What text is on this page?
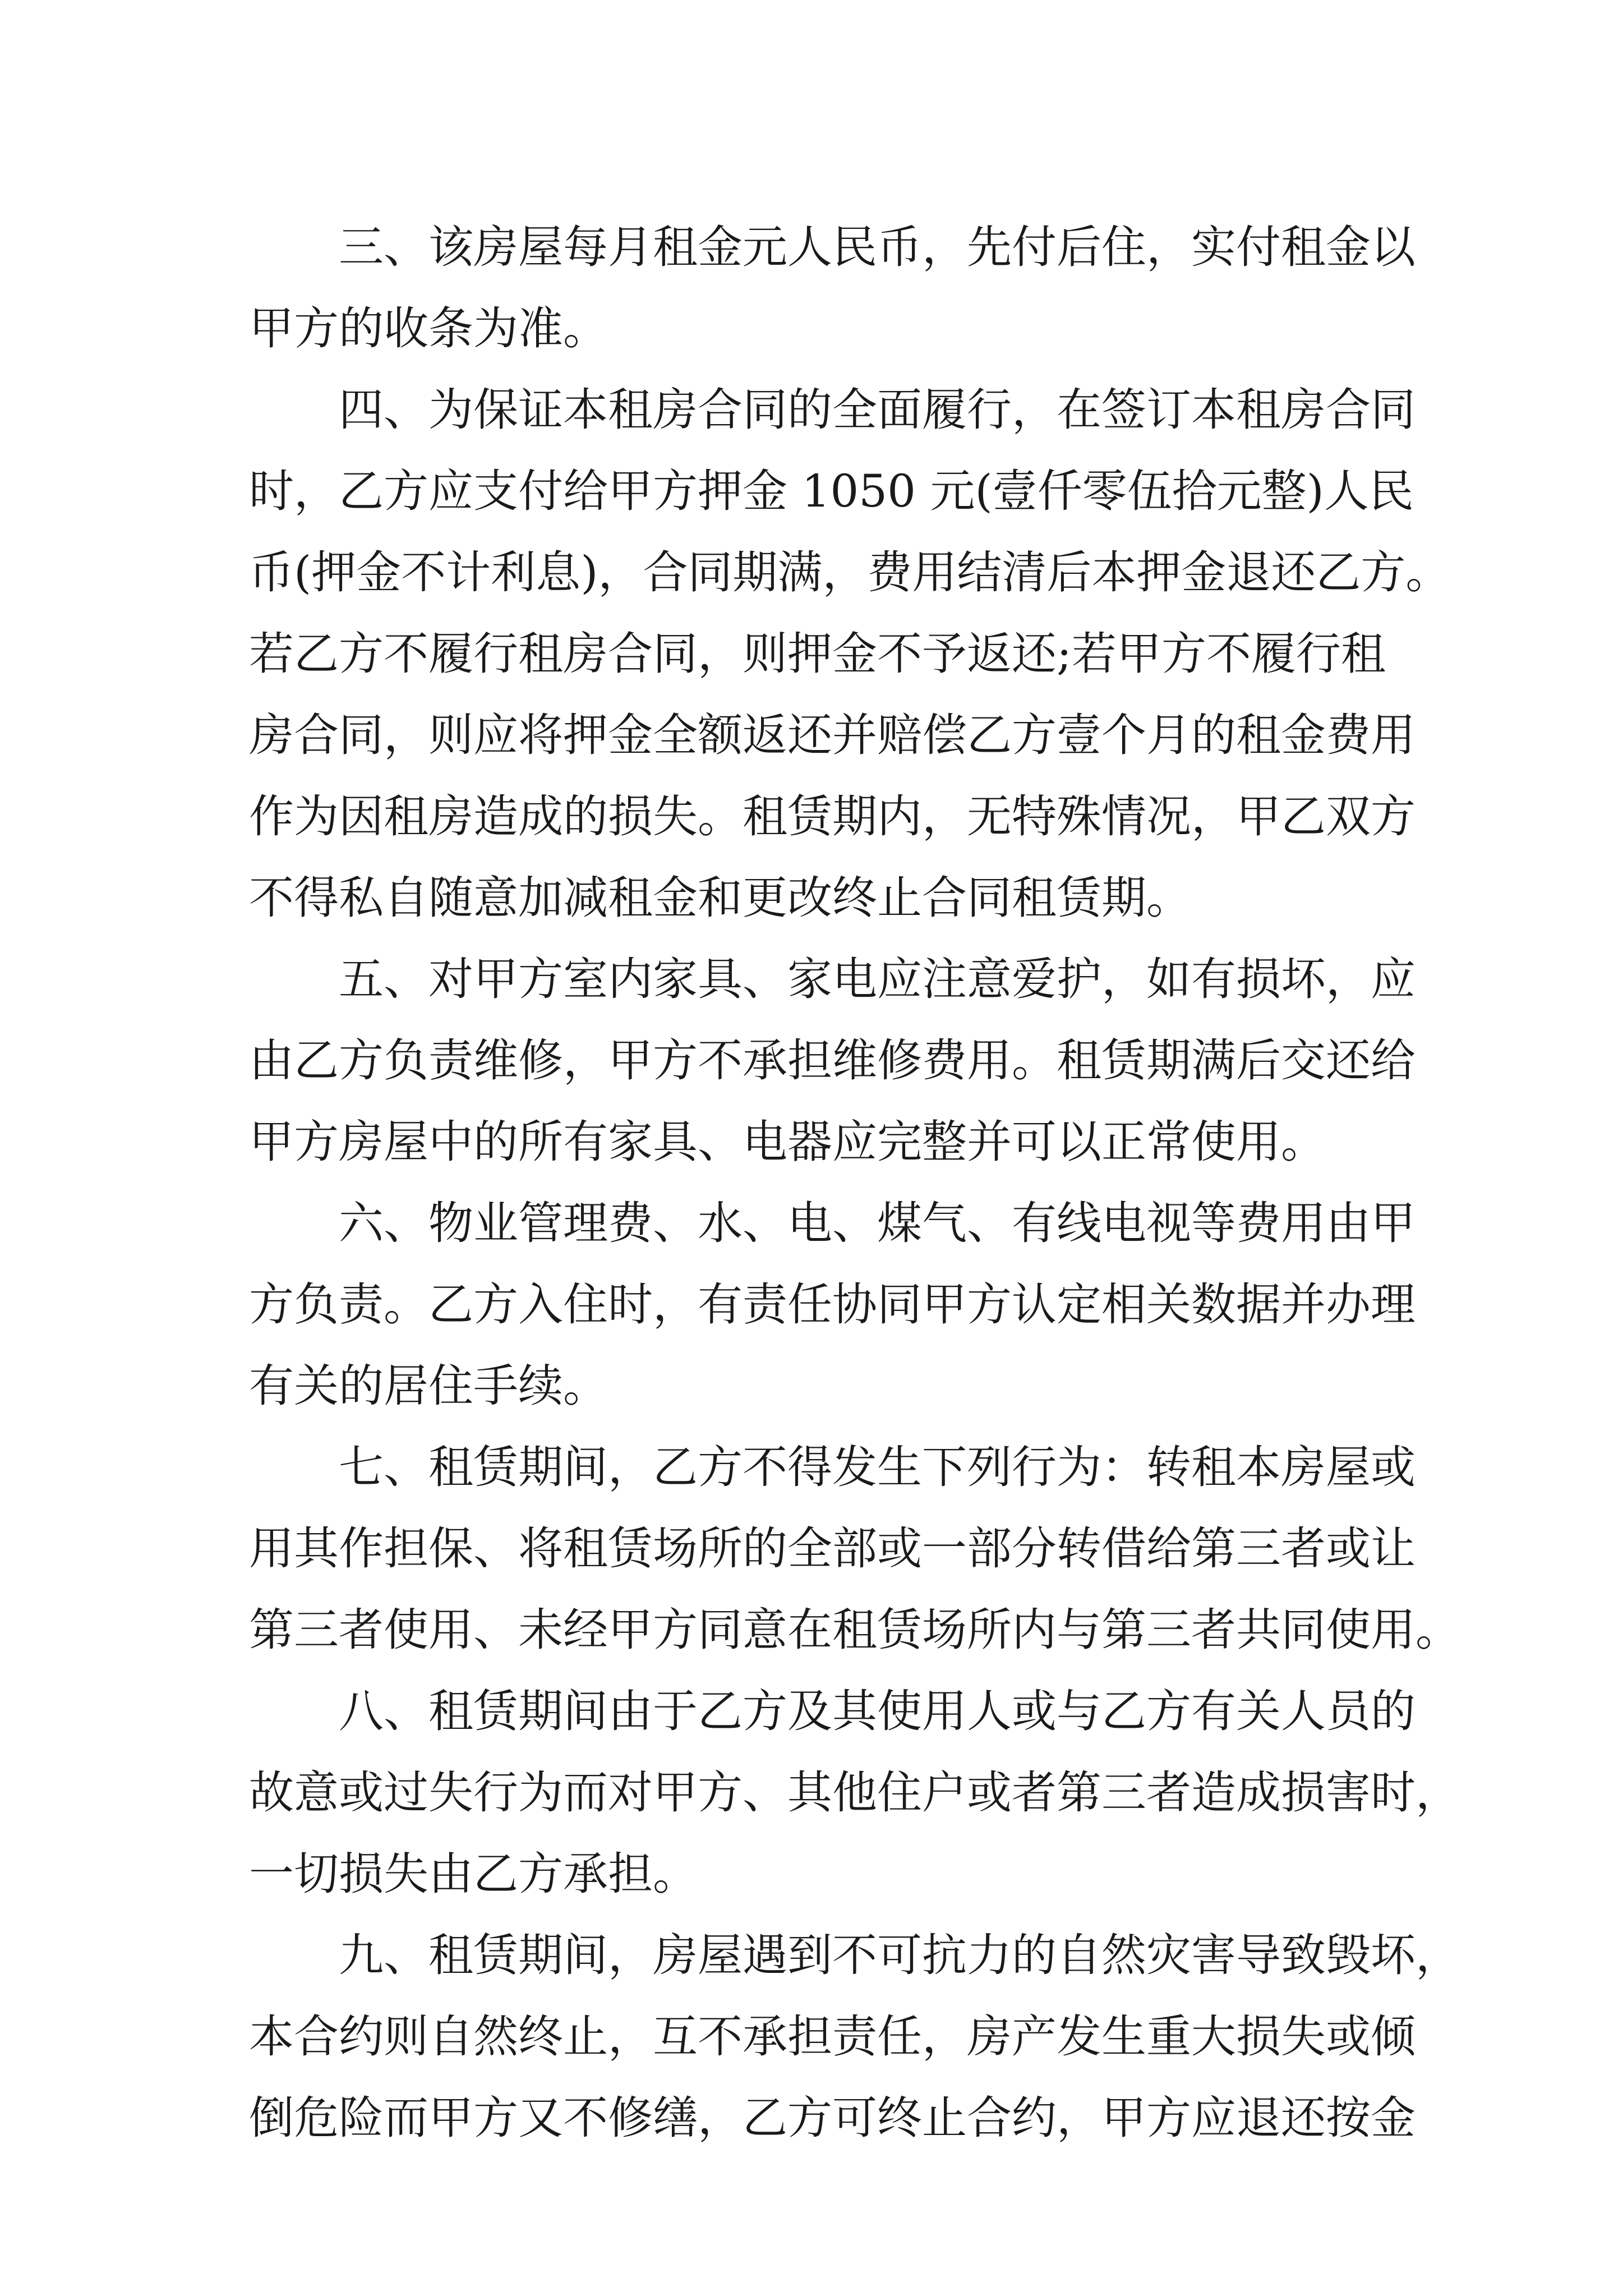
三、该房屋每月租金元人民币，先付后住，实付租金以
甲方的收条为准。
四、为保证本租房合同的全面履行，在签订本租房合同
时，乙方应支付给甲方押金 1050 元(壹仟零伍拾元整)人民
币(押金不计利息)，合同期满，费用结清后本押金退还乙方。
若乙方不履行租房合同，则押金不予返还;若甲方不履行租
房合同，则应将押金全额返还并赔偿乙方壹个月的租金费用
作为因租房造成的损失。租赁期内，无特殊情况，甲乙双方
不得私自随意加减租金和更改终止合同租赁期。
五、对甲方室内家具、家电应注意爱护，如有损坏，应
由乙方负责维修，甲方不承担维修费用。租赁期满后交还给
甲方房屋中的所有家具、电器应完整并可以正常使用。
六、物业管理费、水、电、煤气、有线电视等费用由甲
方负责。乙方入住时，有责任协同甲方认定相关数据并办理
有关的居住手续。
七、租赁期间，乙方不得发生下列行为：转租本房屋或
用其作担保、将租赁场所的全部或一部分转借给第三者或让
第三者使用、未经甲方同意在租赁场所内与第三者共同使用。
八、租赁期间由于乙方及其使用人或与乙方有关人员的
故意或过失行为而对甲方、其他住户或者第三者造成损害时，
一切损失由乙方承担。
九、租赁期间，房屋遇到不可抗力的自然灾害导致毁坏，
本合约则自然终止，互不承担责任，房产发生重大损失或倾
倒危险而甲方又不修缮，乙方可终止合约，甲方应退还按金
